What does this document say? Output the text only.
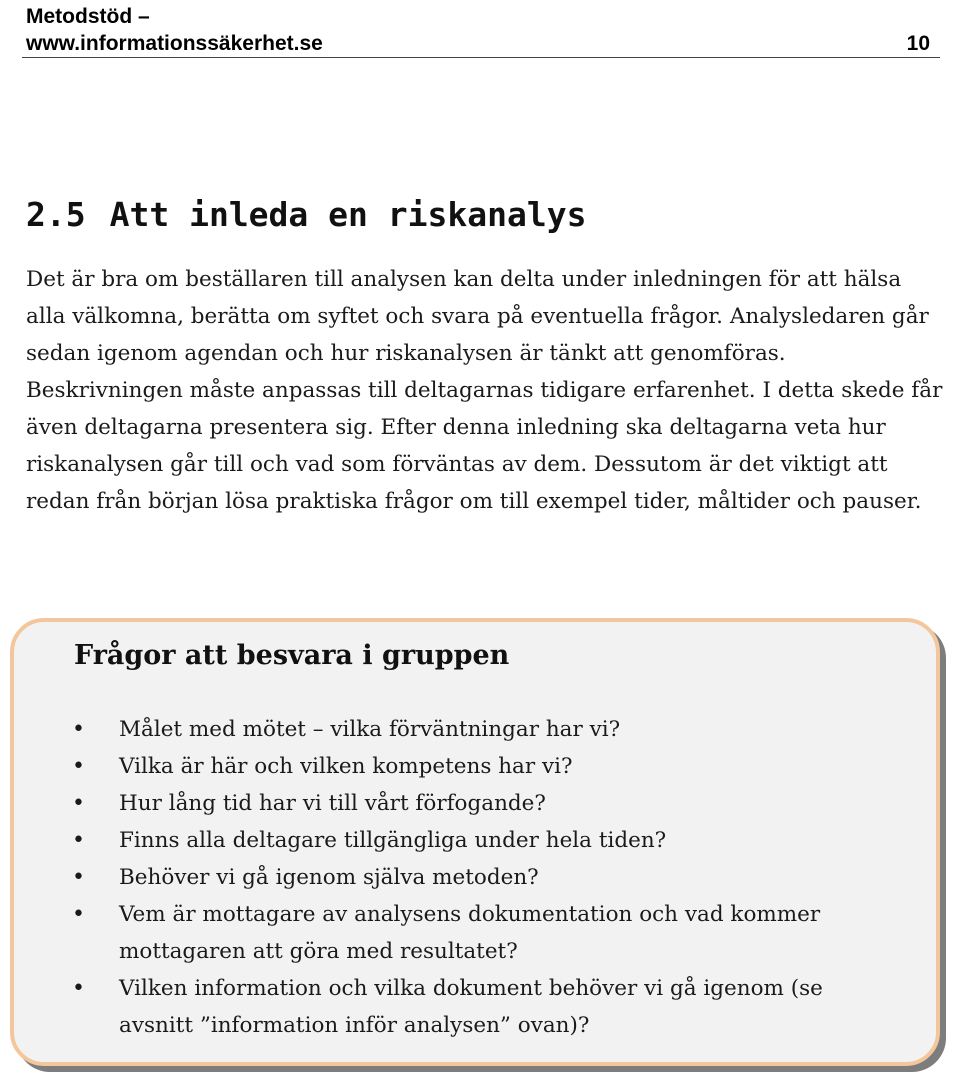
Metodstöd –
www.informationssäkerhet.se	10
2.5 Att inleda en riskanalys

Det är bra om beställaren till analysen kan delta under inledningen för att hälsa alla välkomna, berätta om syftet och svara på eventuella frågor. Analysledaren går sedan igenom agendan och hur riskanalysen är tänkt att genomföras. Beskrivningen måste anpassas till deltagarnas tidigare erfarenhet. I detta skede får även deltagarna presentera sig. Efter denna inledning ska deltagarna veta hur riskanalysen går till och vad som förväntas av dem. Dessutom är det viktigt att redan från början lösa praktiska frågor om till exempel tider, måltider och pauser.

Frågor att besvara i gruppen
• Målet med mötet – vilka förväntningar har vi?
• Vilka är här och vilken kompetens har vi?
• Hur lång tid har vi till vårt förfogande?
• Finns alla deltagare tillgängliga under hela tiden?
• Behöver vi gå igenom själva metoden?
• Vem är mottagare av analysens dokumentation och vad kommer mottagaren att göra med resultatet?
• Vilken information och vilka dokument behöver vi gå igenom (se avsnitt ”information inför analysen” ovan)?
